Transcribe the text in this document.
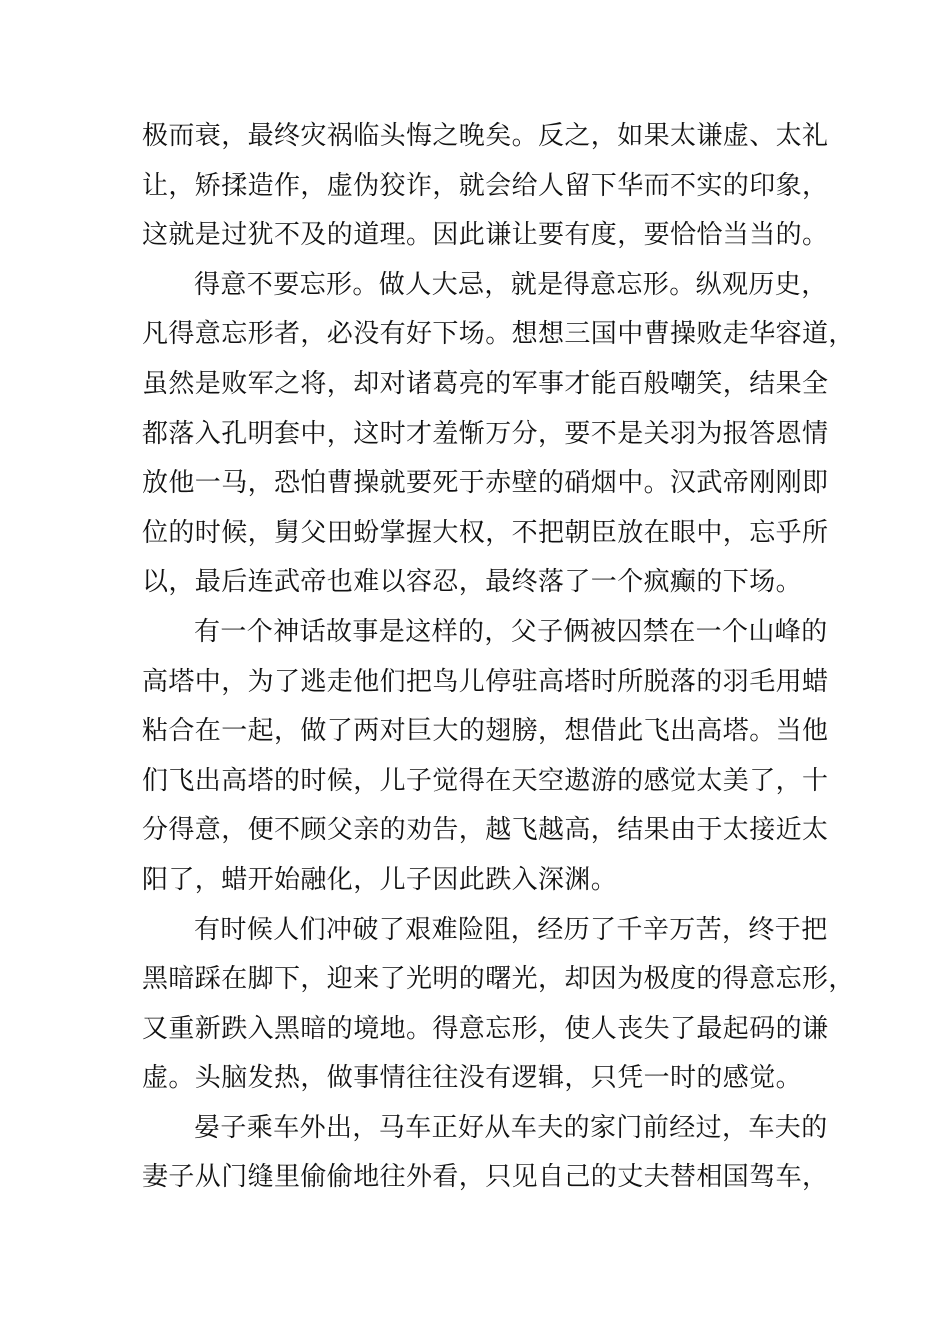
极而衰，最终灾祸临头悔之晚矣。反之，如果太谦虚、太礼
让，矫揉造作，虚伪狡诈，就会给人留下华而不实的印象，
这就是过犹不及的道理。因此谦让要有度，要恰恰当当的。
得意不要忘形。做人大忌，就是得意忘形。纵观历史，
凡得意忘形者，必没有好下场。想想三国中曹操败走华容道，
虽然是败军之将，却对诸葛亮的军事才能百般嘲笑，结果全
都落入孔明套中，这时才羞惭万分，要不是关羽为报答恩情
放他一马，恐怕曹操就要死于赤壁的硝烟中。汉武帝刚刚即
位的时候，舅父田蚡掌握大权，不把朝臣放在眼中，忘乎所
以，最后连武帝也难以容忍，最终落了一个疯癫的下场。
有一个神话故事是这样的，父子俩被囚禁在一个山峰的
高塔中，为了逃走他们把鸟儿停驻高塔时所脱落的羽毛用蜡
粘合在一起，做了两对巨大的翅膀，想借此飞出高塔。当他
们飞出高塔的时候，儿子觉得在天空遨游的感觉太美了，十
分得意，便不顾父亲的劝告，越飞越高，结果由于太接近太
阳了，蜡开始融化，儿子因此跌入深渊。
有时候人们冲破了艰难险阻，经历了千辛万苦，终于把
黑暗踩在脚下，迎来了光明的曙光，却因为极度的得意忘形，
又重新跌入黑暗的境地。得意忘形，使人丧失了最起码的谦
虚。头脑发热，做事情往往没有逻辑，只凭一时的感觉。
晏子乘车外出，马车正好从车夫的家门前经过，车夫的
妻子从门缝里偷偷地往外看，只见自己的丈夫替相国驾车，
